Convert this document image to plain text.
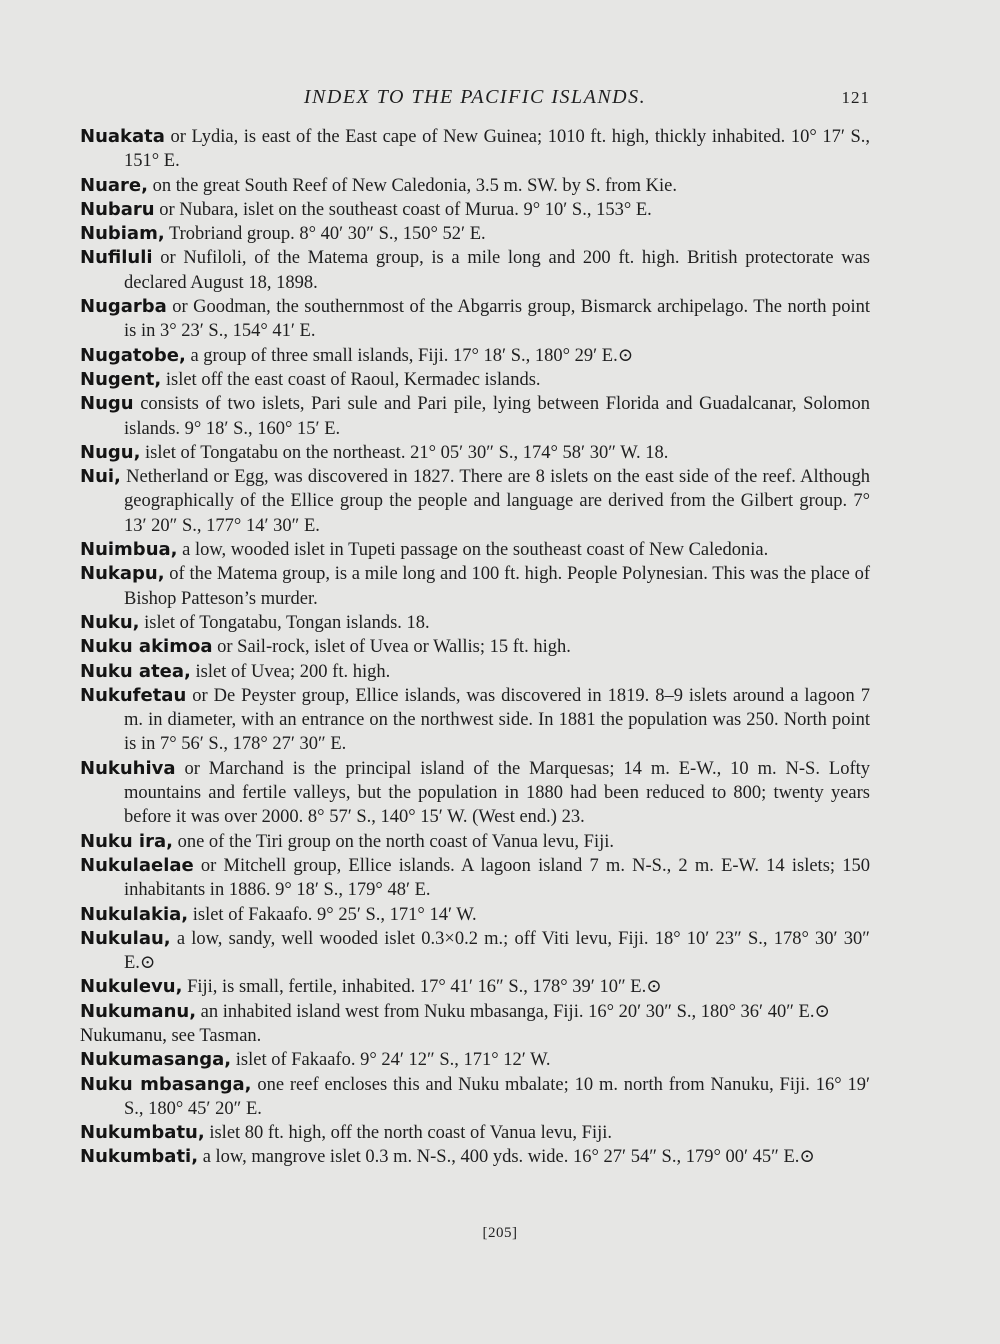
INDEX TO THE PACIFIC ISLANDS.	121
Nuakata or Lydia, is east of the East cape of New Guinea; 1010 ft. high, thickly inhabited. 10° 17′ S., 151° E.
Nuare, on the great South Reef of New Caledonia, 3.5 m. SW. by S. from Kie.
Nubaru or Nubara, islet on the southeast coast of Murua. 9° 10′ S., 153° E.
Nubiam, Trobriand group. 8° 40′ 30″ S., 150° 52′ E.
Nufiluli or Nufiloli, of the Matema group, is a mile long and 200 ft. high. British protectorate was declared August 18, 1898.
Nugarba or Goodman, the southernmost of the Abgarris group, Bismarck archipelago. The north point is in 3° 23′ S., 154° 41′ E.
Nugatobe, a group of three small islands, Fiji. 17° 18′ S., 180° 29′ E.⊙
Nugent, islet off the east coast of Raoul, Kermadec islands.
Nugu consists of two islets, Pari sule and Pari pile, lying between Florida and Guadalcanar, Solomon islands. 9° 18′ S., 160° 15′ E.
Nugu, islet of Tongatabu on the northeast. 21° 05′ 30″ S., 174° 58′ 30″ W. 18.
Nui, Netherland or Egg, was discovered in 1827. There are 8 islets on the east side of the reef. Although geographically of the Ellice group the people and language are derived from the Gilbert group. 7° 13′ 20″ S., 177° 14′ 30″ E.
Nuimbua, a low, wooded islet in Tupeti passage on the southeast coast of New Caledonia.
Nukapu, of the Matema group, is a mile long and 100 ft. high. People Polynesian. This was the place of Bishop Patteson’s murder.
Nuku, islet of Tongatabu, Tongan islands. 18.
Nuku akimoa or Sail-rock, islet of Uvea or Wallis; 15 ft. high.
Nuku atea, islet of Uvea; 200 ft. high.
Nukufetau or De Peyster group, Ellice islands, was discovered in 1819. 8–9 islets around a lagoon 7 m. in diameter, with an entrance on the northwest side. In 1881 the population was 250. North point is in 7° 56′ S., 178° 27′ 30″ E.
Nukuhiva or Marchand is the principal island of the Marquesas; 14 m. E-W., 10 m. N-S. Lofty mountains and fertile valleys, but the population in 1880 had been reduced to 800; twenty years before it was over 2000. 8° 57′ S., 140° 15′ W. (West end.) 23.
Nuku ira, one of the Tiri group on the north coast of Vanua levu, Fiji.
Nukulaelae or Mitchell group, Ellice islands. A lagoon island 7 m. N-S., 2 m. E-W. 14 islets; 150 inhabitants in 1886. 9° 18′ S., 179° 48′ E.
Nukulakia, islet of Fakaafo. 9° 25′ S., 171° 14′ W.
Nukulau, a low, sandy, well wooded islet 0.3×0.2 m.; off Viti levu, Fiji. 18° 10′ 23″ S., 178° 30′ 30″ E.⊙
Nukulevu, Fiji, is small, fertile, inhabited. 17° 41′ 16″ S., 178° 39′ 10″ E.⊙
Nukumanu, an inhabited island west from Nuku mbasanga, Fiji. 16° 20′ 30″ S., 180° 36′ 40″ E.⊙
Nukumanu, see Tasman.
Nukumasanga, islet of Fakaafo. 9° 24′ 12″ S., 171° 12′ W.
Nuku mbasanga, one reef encloses this and Nuku mbalate; 10 m. north from Nanuku, Fiji. 16° 19′ S., 180° 45′ 20″ E.
Nukumbatu, islet 80 ft. high, off the north coast of Vanua levu, Fiji.
Nukumbati, a low, mangrove islet 0.3 m. N-S., 400 yds. wide. 16° 27′ 54″ S., 179° 00′ 45″ E.⊙
[205]
